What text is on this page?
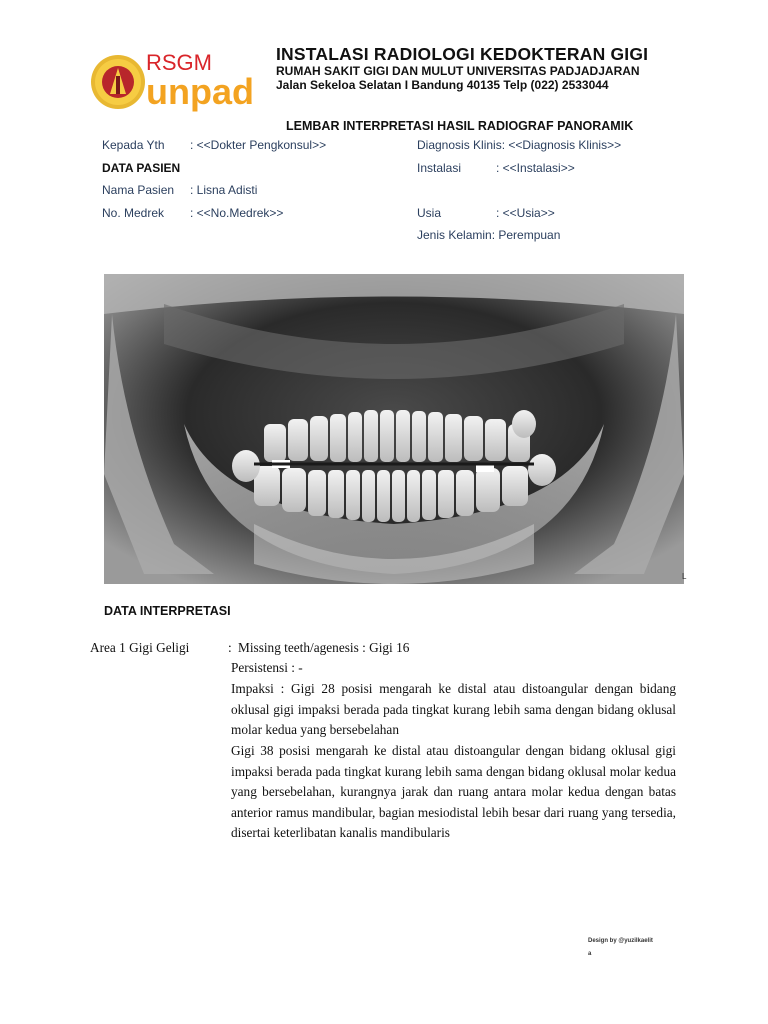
RSGM
unpad
INSTALASI RADIOLOGI KEDOKTERAN GIGI
RUMAH SAKIT GIGI DAN MULUT UNIVERSITAS PADJADJARAN
Jalan Sekeloa Selatan I Bandung 40135 Telp (022) 2533044
LEMBAR INTERPRETASI HASIL RADIOGRAF PANORAMIK
Kepada Yth : <<Dokter Pengkonsul>>
DATA PASIEN
Nama Pasien : Lisna Adisti
No. Medrek : <<No.Medrek>>
Diagnosis Klinis: <<Diagnosis Klinis>>
Instalasi	: <<Instalasi>>
Usia	: <<Usia>>
Jenis Kelamin: Perempuan
L
DATA INTERPRETASI
Area 1 Gigi Geligi	: Missing teeth/agenesis : Gigi 16
Persistensi : -
Impaksi : Gigi 28 posisi mengarah ke distal atau distoangular dengan bidang oklusal gigi impaksi berada pada tingkat kurang lebih sama dengan bidang oklusal molar kedua yang bersebelahan
Gigi 38 posisi mengarah ke distal atau distoangular dengan bidang oklusal gigi impaksi berada pada tingkat kurang lebih sama dengan bidang oklusal molar kedua yang bersebelahan, kurangnya jarak dan ruang antara molar kedua dengan batas anterior ramus mandibular, bagian mesiodistal lebih besar dari ruang yang tersedia, disertai keterlibatan kanalis mandibularis
Design by @yuzilkaelit
a
